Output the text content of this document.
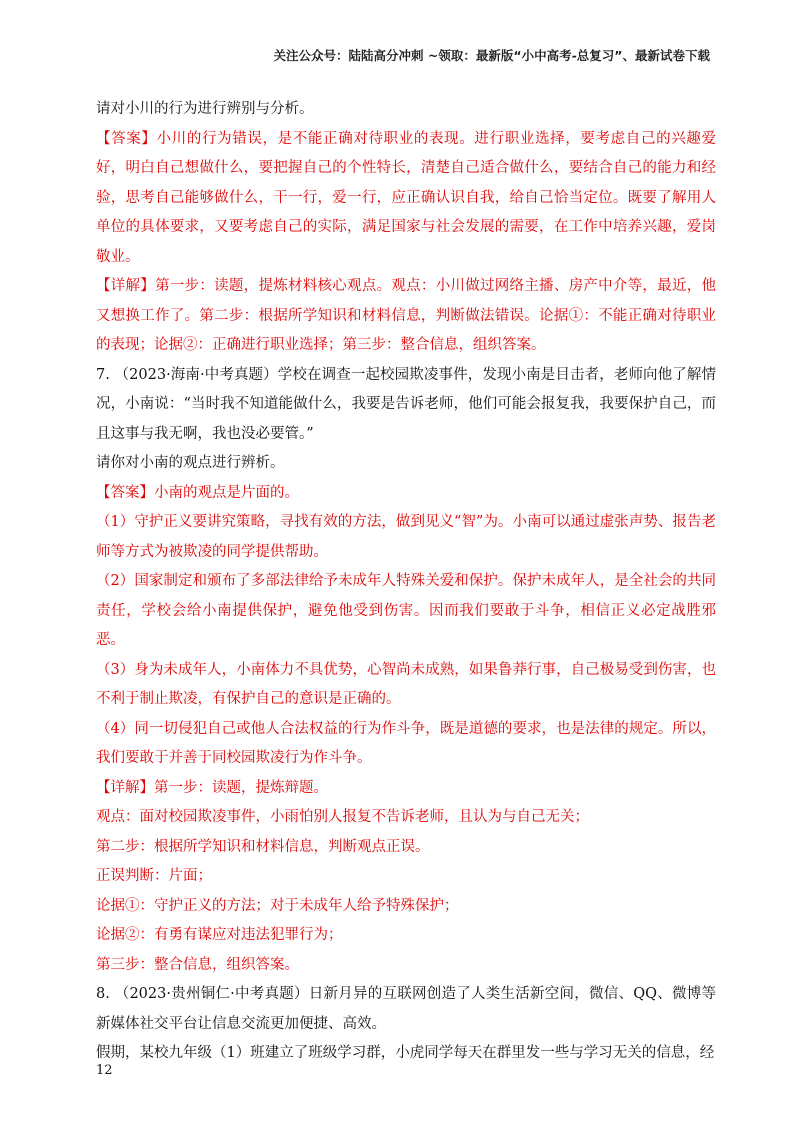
关注公众号：陆陆高分冲刺 ~领取：最新版“小中高考-总复习”、最新试卷下载

请对小川的行为进行辨别与分析。

【答案】小川的行为错误，是不能正确对待职业的表现。进行职业选择，要考虑自己的兴趣爱好，明白自己想做什么，要把握自己的个性特长，清楚自己适合做什么，要结合自己的能力和经验，思考自己能够做什么，干一行，爱一行，应正确认识自我，给自己恰当定位。既要了解用人单位的具体要求，又要考虑自己的实际，满足国家与社会发展的需要，在工作中培养兴趣，爱岗敬业。

【详解】第一步：读题，提炼材料核心观点。观点：小川做过网络主播、房产中介等，最近，他又想换工作了。第二步：根据所学知识和材料信息，判断做法错误。论据①：不能正确对待职业的表现；论据②：正确进行职业选择；第三步：整合信息，组织答案。

7. （2023·海南·中考真题）学校在调查一起校园欺凌事件，发现小南是目击者，老师向他了解情况，小南说：“当时我不知道能做什么，我要是告诉老师，他们可能会报复我，我要保护自己，而且这事与我无啊，我也没必要管。”

请你对小南的观点进行辨析。

【答案】小南的观点是片面的。

（1）守护正义要讲究策略，寻找有效的方法，做到见义“智”为。小南可以通过虚张声势、报告老师等方式为被欺凌的同学提供帮助。

（2）国家制定和颁布了多部法律给予未成年人特殊关爱和保护。保护未成年人，是全社会的共同责任，学校会给小南提供保护，避免他受到伤害。因而我们要敢于斗争，相信正义必定战胜邪恶。

（3）身为未成年人，小南体力不具优势，心智尚未成熟，如果鲁莽行事，自己极易受到伤害，也不利于制止欺凌，有保护自己的意识是正确的。

（4）同一切侵犯自己或他人合法权益的行为作斗争，既是道德的要求，也是法律的规定。所以，我们要敢于并善于同校园欺凌行为作斗争。

【详解】第一步：读题，提炼辩题。

观点：面对校园欺凌事件，小雨怕别人报复不告诉老师，且认为与自己无关；

第二步：根据所学知识和材料信息，判断观点正误。

正误判断：片面；

论据①：守护正义的方法；对于未成年人给予特殊保护；

论据②：有勇有谋应对违法犯罪行为；

第三步：整合信息，组织答案。

8. （2023·贵州铜仁·中考真题）日新月异的互联网创造了人类生活新空间，微信、QQ、微博等新媒体社交平台让信息交流更加便捷、高效。

假期，某校九年级（1）班建立了班级学习群，小虎同学每天在群里发一些与学习无关的信息，经

12
